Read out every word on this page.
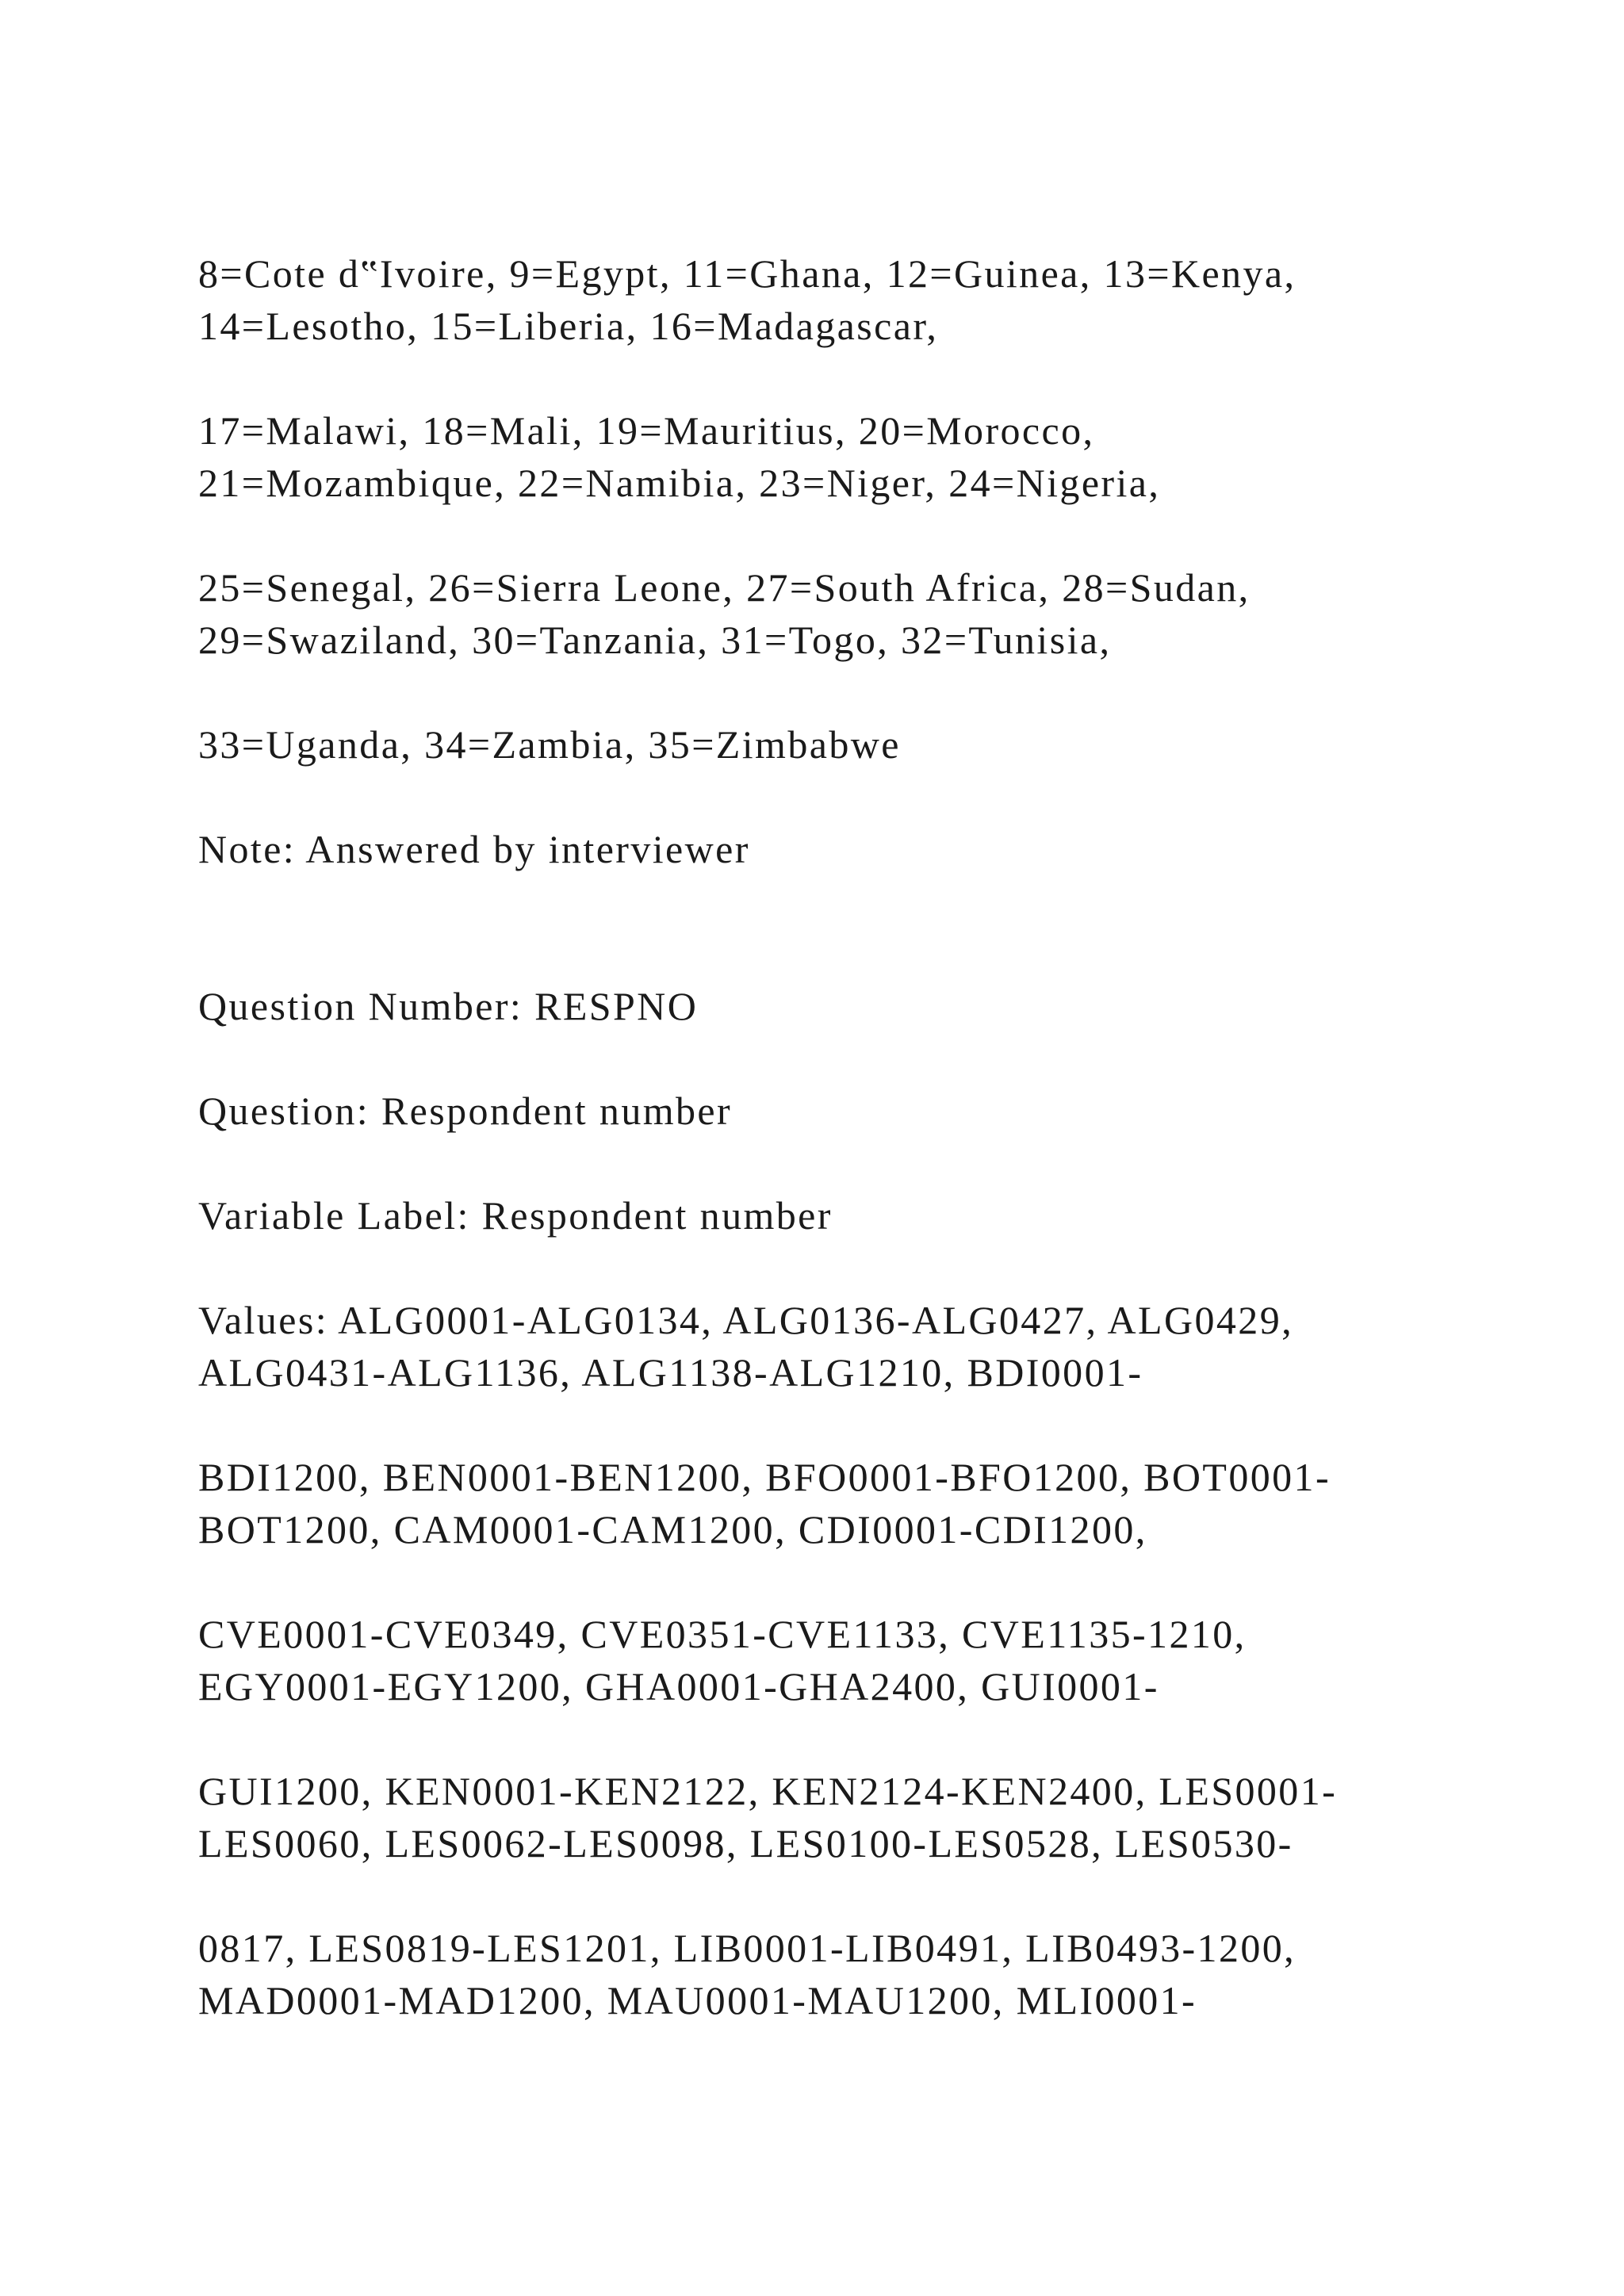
8=Cote d‟Ivoire, 9=Egypt, 11=Ghana, 12=Guinea, 13=Kenya,
14=Lesotho, 15=Liberia, 16=Madagascar,

17=Malawi, 18=Mali, 19=Mauritius, 20=Morocco,
21=Mozambique, 22=Namibia, 23=Niger, 24=Nigeria,

25=Senegal, 26=Sierra Leone, 27=South Africa, 28=Sudan,
29=Swaziland, 30=Tanzania, 31=Togo, 32=Tunisia,

33=Uganda, 34=Zambia, 35=Zimbabwe

Note: Answered by interviewer

Question Number: RESPNO

Question: Respondent number

Variable Label: Respondent number

Values: ALG0001-ALG0134, ALG0136-ALG0427, ALG0429,
ALG0431-ALG1136, ALG1138-ALG1210, BDI0001-

BDI1200, BEN0001-BEN1200, BFO0001-BFO1200, BOT0001-
BOT1200, CAM0001-CAM1200, CDI0001-CDI1200,

CVE0001-CVE0349, CVE0351-CVE1133, CVE1135-1210,
EGY0001-EGY1200, GHA0001-GHA2400, GUI0001-

GUI1200, KEN0001-KEN2122, KEN2124-KEN2400, LES0001-
LES0060, LES0062-LES0098, LES0100-LES0528, LES0530-

0817, LES0819-LES1201, LIB0001-LIB0491, LIB0493-1200,
MAD0001-MAD1200, MAU0001-MAU1200, MLI0001-
